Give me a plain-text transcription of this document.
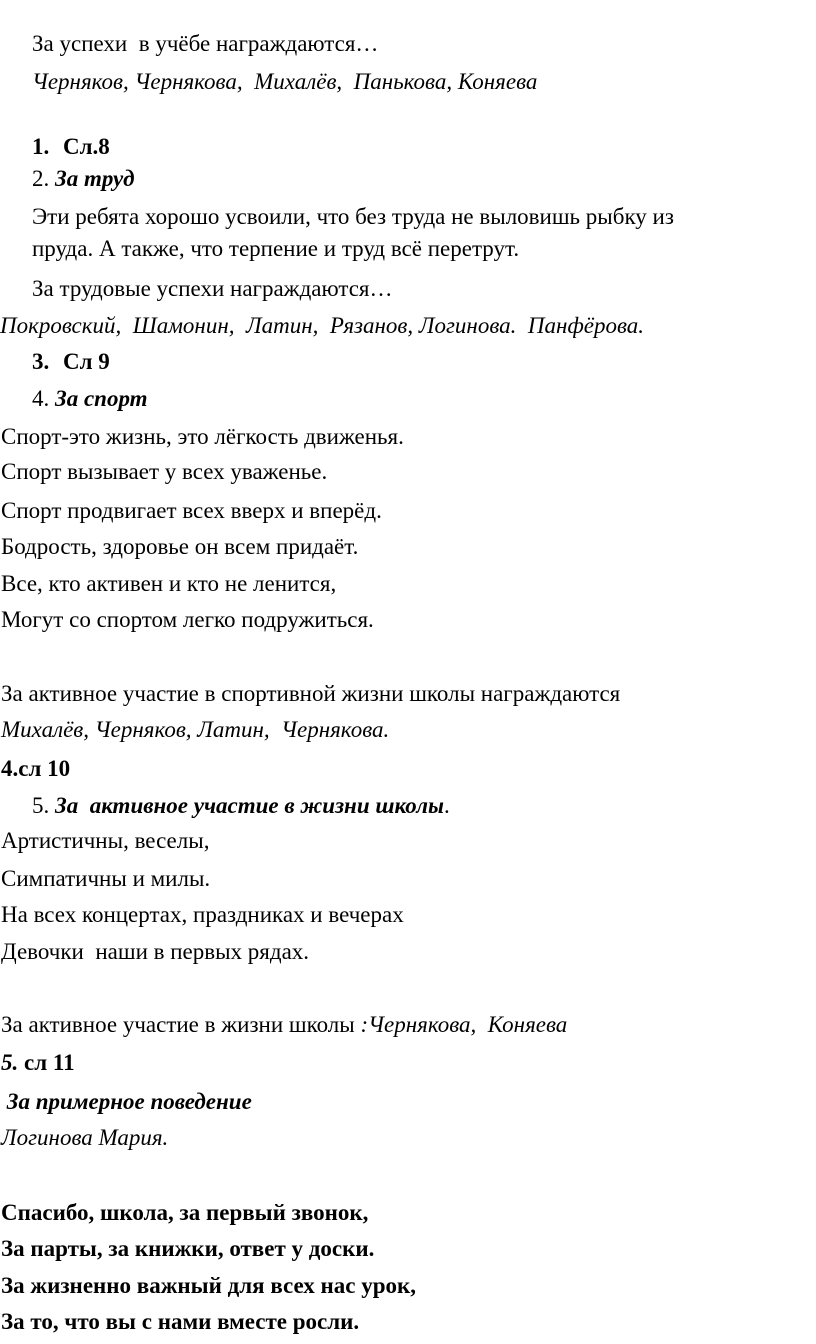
За успехи  в учёбе награждаются…
Черняков, Чернякова,  Михалёв,  Панькова, Коняева
1. Сл.8
2. За труд
Эти ребята хорошо усвоили, что без труда не выловишь рыбку из
пруда. А также, что терпение и труд всё перетрут.
За трудовые успехи награждаются…
Покровский,  Шамонин,  Латин,  Рязанов, Логинова.  Панфёрова.
3. Сл 9
4. За спорт
Спорт-это жизнь, это лёгкость движенья.
Спорт вызывает у всех уваженье.
Спорт продвигает всех вверх и вперёд.
Бодрость, здоровье он всем придаёт.
Все, кто активен и кто не ленится,
Могут со спортом легко подружиться.
За активное участие в спортивной жизни школы награждаются
Михалёв, Черняков, Латин,  Чернякова.
4.сл 10
5. За  активное участие в жизни школы.
Артистичны, веселы,
Симпатичны и милы.
На всех концертах, праздниках и вечерах
Девочки  наши в первых рядах.
За активное участие в жизни школы :Чернякова,  Коняева
5. сл 11
За примерное поведение
Логинова Мария.
Спасибо, школа, за первый звонок,
За парты, за книжки, ответ у доски.
За жизненно важный для всех нас урок,
За то, что вы с нами вместе росли.
